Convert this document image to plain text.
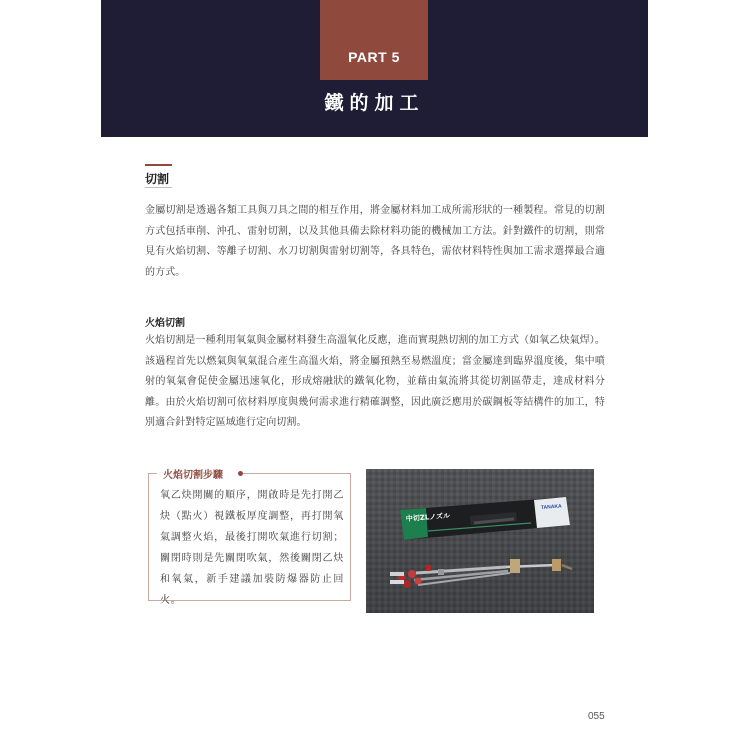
PART 5
鐵的加工
切割

金屬切割是透過各類工具與刀具之間的相互作用，將金屬材料加工成所需形狀的一種製程。常見的切割方式包括車削、沖孔、雷射切割，以及其他具備去除材料功能的機械加工方法。針對鐵件的切割，則常見有火焰切割、等離子切割、水刀切割與雷射切割等，各具特色，需依材料特性與加工需求選擇最合適的方式。

火焰切割

火焰切割是一種利用氧氣與金屬材料發生高溫氧化反應，進而實現熱切割的加工方式（如氧乙炔氣焊）。該過程首先以燃氣與氧氣混合產生高溫火焰，將金屬預熱至易燃溫度；當金屬達到臨界溫度後，集中噴射的氧氣會促使金屬迅速氧化，形成熔融狀的鐵氧化物，並藉由氣流將其從切割區帶走，達成材料分離。由於火焰切割可依材料厚度與幾何需求進行精確調整，因此廣泛應用於碳鋼板等結構件的加工，特別適合針對特定區域進行定向切割。

火焰切割步驟

氧乙炔開關的順序，開啟時是先打開乙炔（點火）視鐵板厚度調整，再打開氧氣調整火焰，最後打開吹氣進行切割；關閉時則是先關閉吹氣，然後關閉乙炔和氧氣，新手建議加裝防爆器防止回火。

中切ZLノズル
TANAKA
055
